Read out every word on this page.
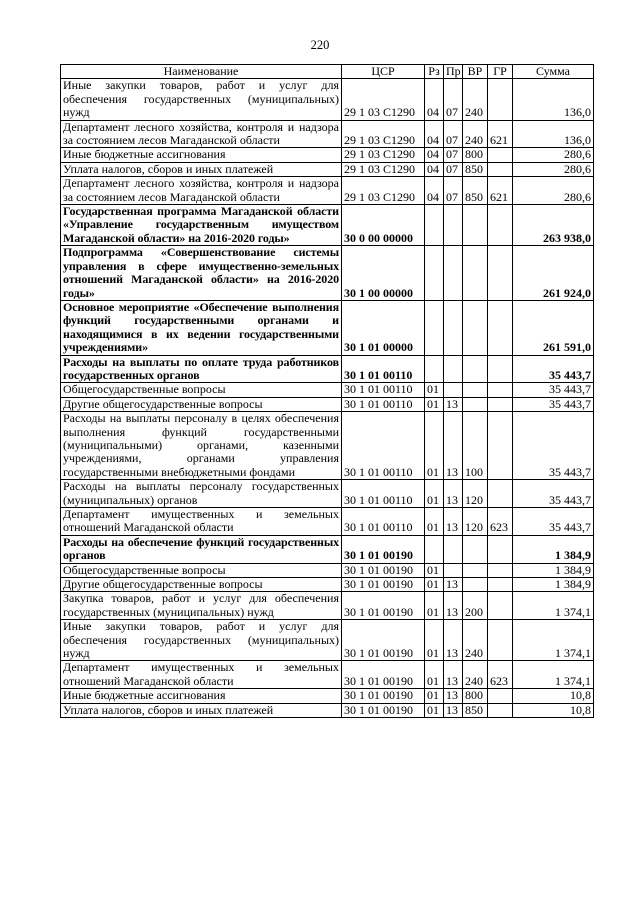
220
Наименование	ЦСР	Рз	Пр	ВР	ГР	Сумма
Иные закупки товаров, работ и услуг для обеспечения государственных (муниципальных) нужд	29 1 03 С1290	04	07	240		136,0
Департамент лесного хозяйства, контроля и надзора за состоянием лесов Магаданской области	29 1 03 С1290	04	07	240	621	136,0
Иные бюджетные ассигнования	29 1 03 С1290	04	07	800		280,6
Уплата налогов, сборов и иных платежей	29 1 03 С1290	04	07	850		280,6
Департамент лесного хозяйства, контроля и надзора за состоянием лесов Магаданской области	29 1 03 С1290	04	07	850	621	280,6
Государственная программа Магаданской области «Управление государственным имуществом Магаданской области» на 2016-2020 годы»	30 0 00 00000					263 938,0
Подпрограмма «Совершенствование системы управления в сфере имущественно-земельных отношений Магаданской области» на 2016-2020 годы»	30 1 00 00000					261 924,0
Основное мероприятие «Обеспечение выполнения функций государственными органами и находящимися в их ведении государственными учреждениями»	30 1 01 00000					261 591,0
Расходы на выплаты по оплате труда работников государственных органов	30 1 01 00110					35 443,7
Общегосударственные вопросы	30 1 01 00110	01				35 443,7
Другие общегосударственные вопросы	30 1 01 00110	01	13			35 443,7
Расходы на выплаты персоналу в целях обеспечения выполнения функций государственными (муниципальными) органами, казенными учреждениями, органами управления государственными внебюджетными фондами	30 1 01 00110	01	13	100		35 443,7
Расходы на выплаты персоналу государственных (муниципальных) органов	30 1 01 00110	01	13	120		35 443,7
Департамент имущественных и земельных отношений Магаданской области	30 1 01 00110	01	13	120	623	35 443,7
Расходы на обеспечение функций государственных органов	30 1 01 00190					1 384,9
Общегосударственные вопросы	30 1 01 00190	01				1 384,9
Другие общегосударственные вопросы	30 1 01 00190	01	13			1 384,9
Закупка товаров, работ и услуг для обеспечения государственных (муниципальных) нужд	30 1 01 00190	01	13	200		1 374,1
Иные закупки товаров, работ и услуг для обеспечения государственных (муниципальных) нужд	30 1 01 00190	01	13	240		1 374,1
Департамент имущественных и земельных отношений Магаданской области	30 1 01 00190	01	13	240	623	1 374,1
Иные бюджетные ассигнования	30 1 01 00190	01	13	800		10,8
Уплата налогов, сборов и иных платежей	30 1 01 00190	01	13	850		10,8
